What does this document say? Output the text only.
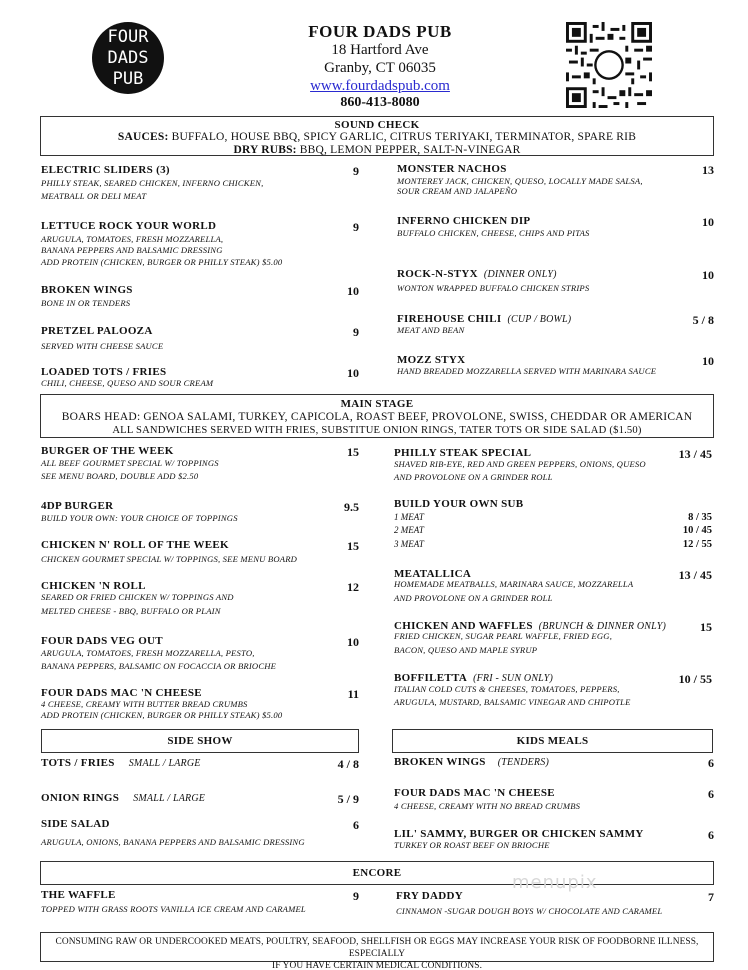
FOUR
DADS
PUB
FOUR DADS PUB
18 Hartford Ave
Granby, CT 06035
www.fourdadspub.com
860-413-8080
SOUND CHECK
SAUCES: BUFFALO, HOUSE BBQ, SPICY GARLIC, CITRUS TERIYAKI, TERMINATOR, SPARE RIB
DRY RUBS: BBQ, LEMON PEPPER, SALT-N-VINEGAR
ELECTRIC SLIDERS (3)	9
PHILLY STEAK, SEARED CHICKEN, INFERNO CHICKEN,
MEATBALL OR DELI MEAT
LETTUCE ROCK YOUR WORLD	9
ARUGULA, TOMATOES, FRESH MOZZARELLA,
BANANA PEPPERS AND BALSAMIC DRESSING
ADD PROTEIN (CHICKEN, BURGER OR PHILLY STEAK) $5.00
BROKEN WINGS	10
BONE IN OR TENDERS
PRETZEL PALOOZA	9
SERVED WITH CHEESE SAUCE
LOADED TOTS / FRIES	10
CHILI, CHEESE, QUESO AND SOUR CREAM
MONSTER NACHOS	13
MONTEREY JACK, CHICKEN, QUESO, LOCALLY MADE SALSA,
SOUR CREAM AND JALAPEÑO
INFERNO CHICKEN DIP	10
BUFFALO CHICKEN, CHEESE, CHIPS AND PITAS
ROCK-N-STYX (DINNER ONLY)	10
WONTON WRAPPED BUFFALO CHICKEN STRIPS
FIREHOUSE CHILI (CUP / BOWL)	5 / 8
MEAT AND BEAN
MOZZ STYX	10
HAND BREADED MOZZARELLA SERVED WITH MARINARA SAUCE
MAIN STAGE
BOARS HEAD: GENOA SALAMI, TURKEY, CAPICOLA, ROAST BEEF, PROVOLONE, SWISS, CHEDDAR OR AMERICAN
ALL SANDWICHES SERVED WITH FRIES, SUBSTITUE ONION RINGS, TATER TOTS OR SIDE SALAD ($1.50)
BURGER OF THE WEEK	15
ALL BEEF GOURMET SPECIAL W/ TOPPINGS
SEE MENU BOARD, DOUBLE ADD $2.50
4DP BURGER	9.5
BUILD YOUR OWN: YOUR CHOICE OF TOPPINGS
CHICKEN N' ROLL OF THE WEEK	15
CHICKEN GOURMET SPECIAL W/ TOPPINGS, SEE MENU BOARD
CHICKEN 'N ROLL	12
SEARED OR FRIED CHICKEN W/ TOPPINGS AND
MELTED CHEESE - BBQ, BUFFALO OR PLAIN
FOUR DADS VEG OUT	10
ARUGULA, TOMATOES, FRESH MOZZARELLA, PESTO,
BANANA PEPPERS, BALSAMIC ON FOCACCIA OR BRIOCHE
FOUR DADS MAC 'N CHEESE	11
4 CHEESE, CREAMY WITH BUTTER BREAD CRUMBS
ADD PROTEIN (CHICKEN, BURGER OR PHILLY STEAK) $5.00
PHILLY STEAK SPECIAL	13 / 45
SHAVED RIB-EYE, RED AND GREEN PEPPERS, ONIONS, QUESO
AND PROVOLONE ON A GRINDER ROLL
BUILD YOUR OWN SUB
1 MEAT	8 / 35
2 MEAT	10 / 45
3 MEAT	12 / 55
MEATALLICA	13 / 45
HOMEMADE MEATBALLS, MARINARA SAUCE, MOZZARELLA
AND PROVOLONE ON A GRINDER ROLL
CHICKEN AND WAFFLES (BRUNCH & DINNER ONLY)	15
FRIED CHICKEN, SUGAR PEARL WAFFLE, FRIED EGG,
BACON, QUESO AND MAPLE SYRUP
BOFFILETTA (FRI - SUN ONLY)	10 / 55
ITALIAN COLD CUTS & CHEESES, TOMATOES, PEPPERS,
ARUGULA, MUSTARD, BALSAMIC VINEGAR AND CHIPOTLE
SIDE SHOW
TOTS / FRIES SMALL / LARGE	4 / 8
ONION RINGS SMALL / LARGE	5 / 9
SIDE SALAD	6
ARUGULA, ONIONS, BANANA PEPPERS AND BALSAMIC DRESSING
KIDS MEALS
BROKEN WINGS (TENDERS)	6
FOUR DADS MAC 'N CHEESE	6
4 CHEESE, CREAMY WITH NO BREAD CRUMBS
LIL' SAMMY, BURGER OR CHICKEN SAMMY	6
TURKEY OR ROAST BEEF ON BRIOCHE
ENCORE
THE WAFFLE	9
TOPPED WITH GRASS ROOTS VANILLA ICE CREAM AND CARAMEL
FRY DADDY	7
CINNAMON -SUGAR DOUGH BOYS W/ CHOCOLATE AND CARAMEL
menupix
CONSUMING RAW OR UNDERCOOKED MEATS, POULTRY, SEAFOOD, SHELLFISH OR EGGS MAY INCREASE YOUR RISK OF FOODBORNE ILLNESS, ESPECIALLY
IF YOU HAVE CERTAIN MEDICAL CONDITIONS.
